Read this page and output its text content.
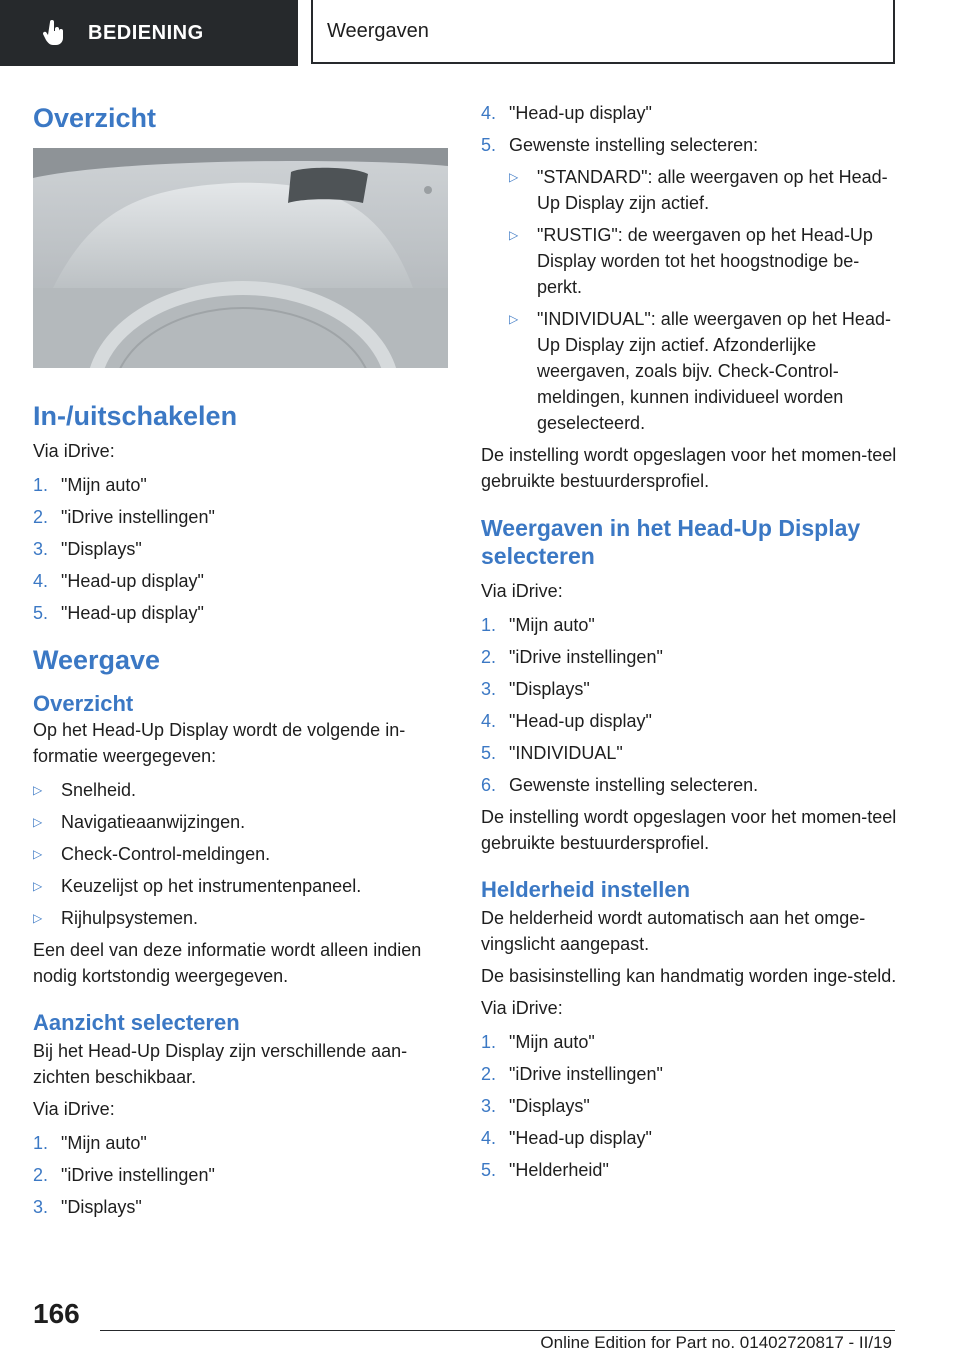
BEDIENING	Weergaven
Overzicht
In-/uitschakelen

Via iDrive:

1. "Mijn auto"
2. "iDrive instellingen"
3. "Displays"
4. "Head-up display"
5. "Head-up display"
Weergave
Overzicht

Op het Head-Up Display wordt de volgende in-formatie weergegeven:

▷	Snelheid.
▷	Navigatieaanwijzingen.
▷	Check-Control-meldingen.
▷	Keuzelijst op het instrumentenpaneel.
▷	Rijhulpsystemen.

Een deel van deze informatie wordt alleen indien nodig kortstondig weergegeven.

Aanzicht selecteren

Bij het Head-Up Display zijn verschillende aan-zichten beschikbaar.

Via iDrive:

1. "Mijn auto"
2. "iDrive instellingen"
3. "Displays"
4. "Head-up display"
5. Gewenste instelling selecteren:
▷	"STANDARD": alle weergaven op het Head-Up Display zijn actief.
▷	"RUSTIG": de weergaven op het Head-Up Display worden tot het hoogstnodige be-perkt.
▷	"INDIVIDUAL": alle weergaven op het Head-Up Display zijn actief. Afzonderlijke weergaven, zoals bijv. Check-Control-meldingen, kunnen individueel worden geselecteerd.

De instelling wordt opgeslagen voor het momen-teel gebruikte bestuurdersprofiel.

Weergaven in het Head-Up Display selecteren

Via iDrive:

1. "Mijn auto"
2. "iDrive instellingen"
3. "Displays"
4. "Head-up display"
5. "INDIVIDUAL"
6. Gewenste instelling selecteren.

De instelling wordt opgeslagen voor het momen-teel gebruikte bestuurdersprofiel.

Helderheid instellen

De helderheid wordt automatisch aan het omge-vingslicht aangepast.

De basisinstelling kan handmatig worden inge-steld.

Via iDrive:

1. "Mijn auto"
2. "iDrive instellingen"
3. "Displays"
4. "Head-up display"
5. "Helderheid"
166
Online Edition for Part no. 01402720817 - II/19
